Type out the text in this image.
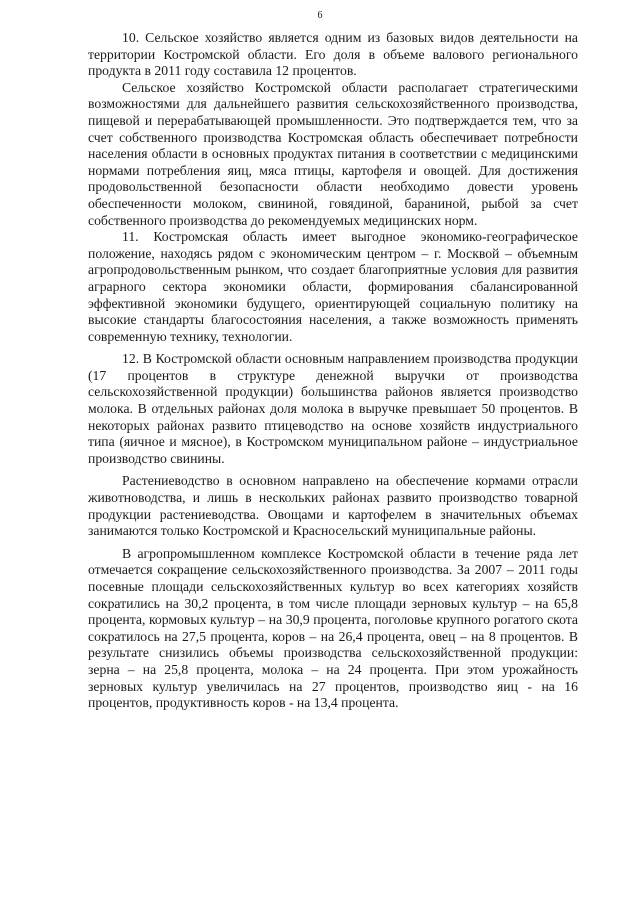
6

10. Сельское хозяйство является одним из базовых видов деятельности на территории Костромской области. Его доля в объеме валового регионального продукта в 2011 году составила 12 процентов.

Сельское хозяйство Костромской области располагает стратегическими возможностями для дальнейшего развития сельскохозяйственного производства, пищевой и перерабатывающей промышленности. Это подтверждается тем, что за счет собственного производства Костромская область обеспечивает потребности населения области в основных продуктах питания в соответствии с медицинскими нормами потребления яиц, мяса птицы, картофеля и овощей. Для достижения продовольственной безопасности области необходимо довести уровень обеспеченности молоком, свининой, говядиной, бараниной, рыбой за счет собственного производства до рекомендуемых медицинских норм.

11. Костромская область имеет выгодное экономико-географическое положение, находясь рядом с экономическим центром – г. Москвой – объемным агропродовольственным рынком, что создает благоприятные условия для развития аграрного сектора экономики области, формирования сбалансированной эффективной экономики будущего, ориентирующей социальную политику на высокие стандарты благосостояния населения, а также возможность применять современную технику, технологии.

12. В Костромской области основным направлением производства продукции (17 процентов в структуре денежной выручки от производства сельскохозяйственной продукции) большинства районов является производство молока. В отдельных районах доля молока в выручке превышает 50 процентов. В некоторых районах развито птицеводство на основе хозяйств индустриального типа (яичное и мясное), в Костромском муниципальном районе – индустриальное производство свинины.

Растениеводство в основном направлено на обеспечение кормами отрасли животноводства, и лишь в нескольких районах развито производство товарной продукции растениеводства. Овощами и картофелем в значительных объемах занимаются только Костромской и Красносельский муниципальные районы.

В агропромышленном комплексе Костромской области в течение ряда лет отмечается сокращение сельскохозяйственного производства. За 2007 – 2011 годы посевные площади сельскохозяйственных культур во всех категориях хозяйств сократились на 30,2 процента, в том числе площади зерновых культур – на 65,8 процента, кормовых культур – на 30,9 процента, поголовье крупного рогатого скота сократилось на 27,5 процента, коров – на 26,4 процента, овец – на 8 процентов. В результате снизились объемы производства сельскохозяйственной продукции: зерна – на 25,8 процента, молока – на 24 процента. При этом урожайность зерновых культур увеличилась на 27 процентов, производство яиц - на 16 процентов, продуктивность коров - на 13,4 процента.
